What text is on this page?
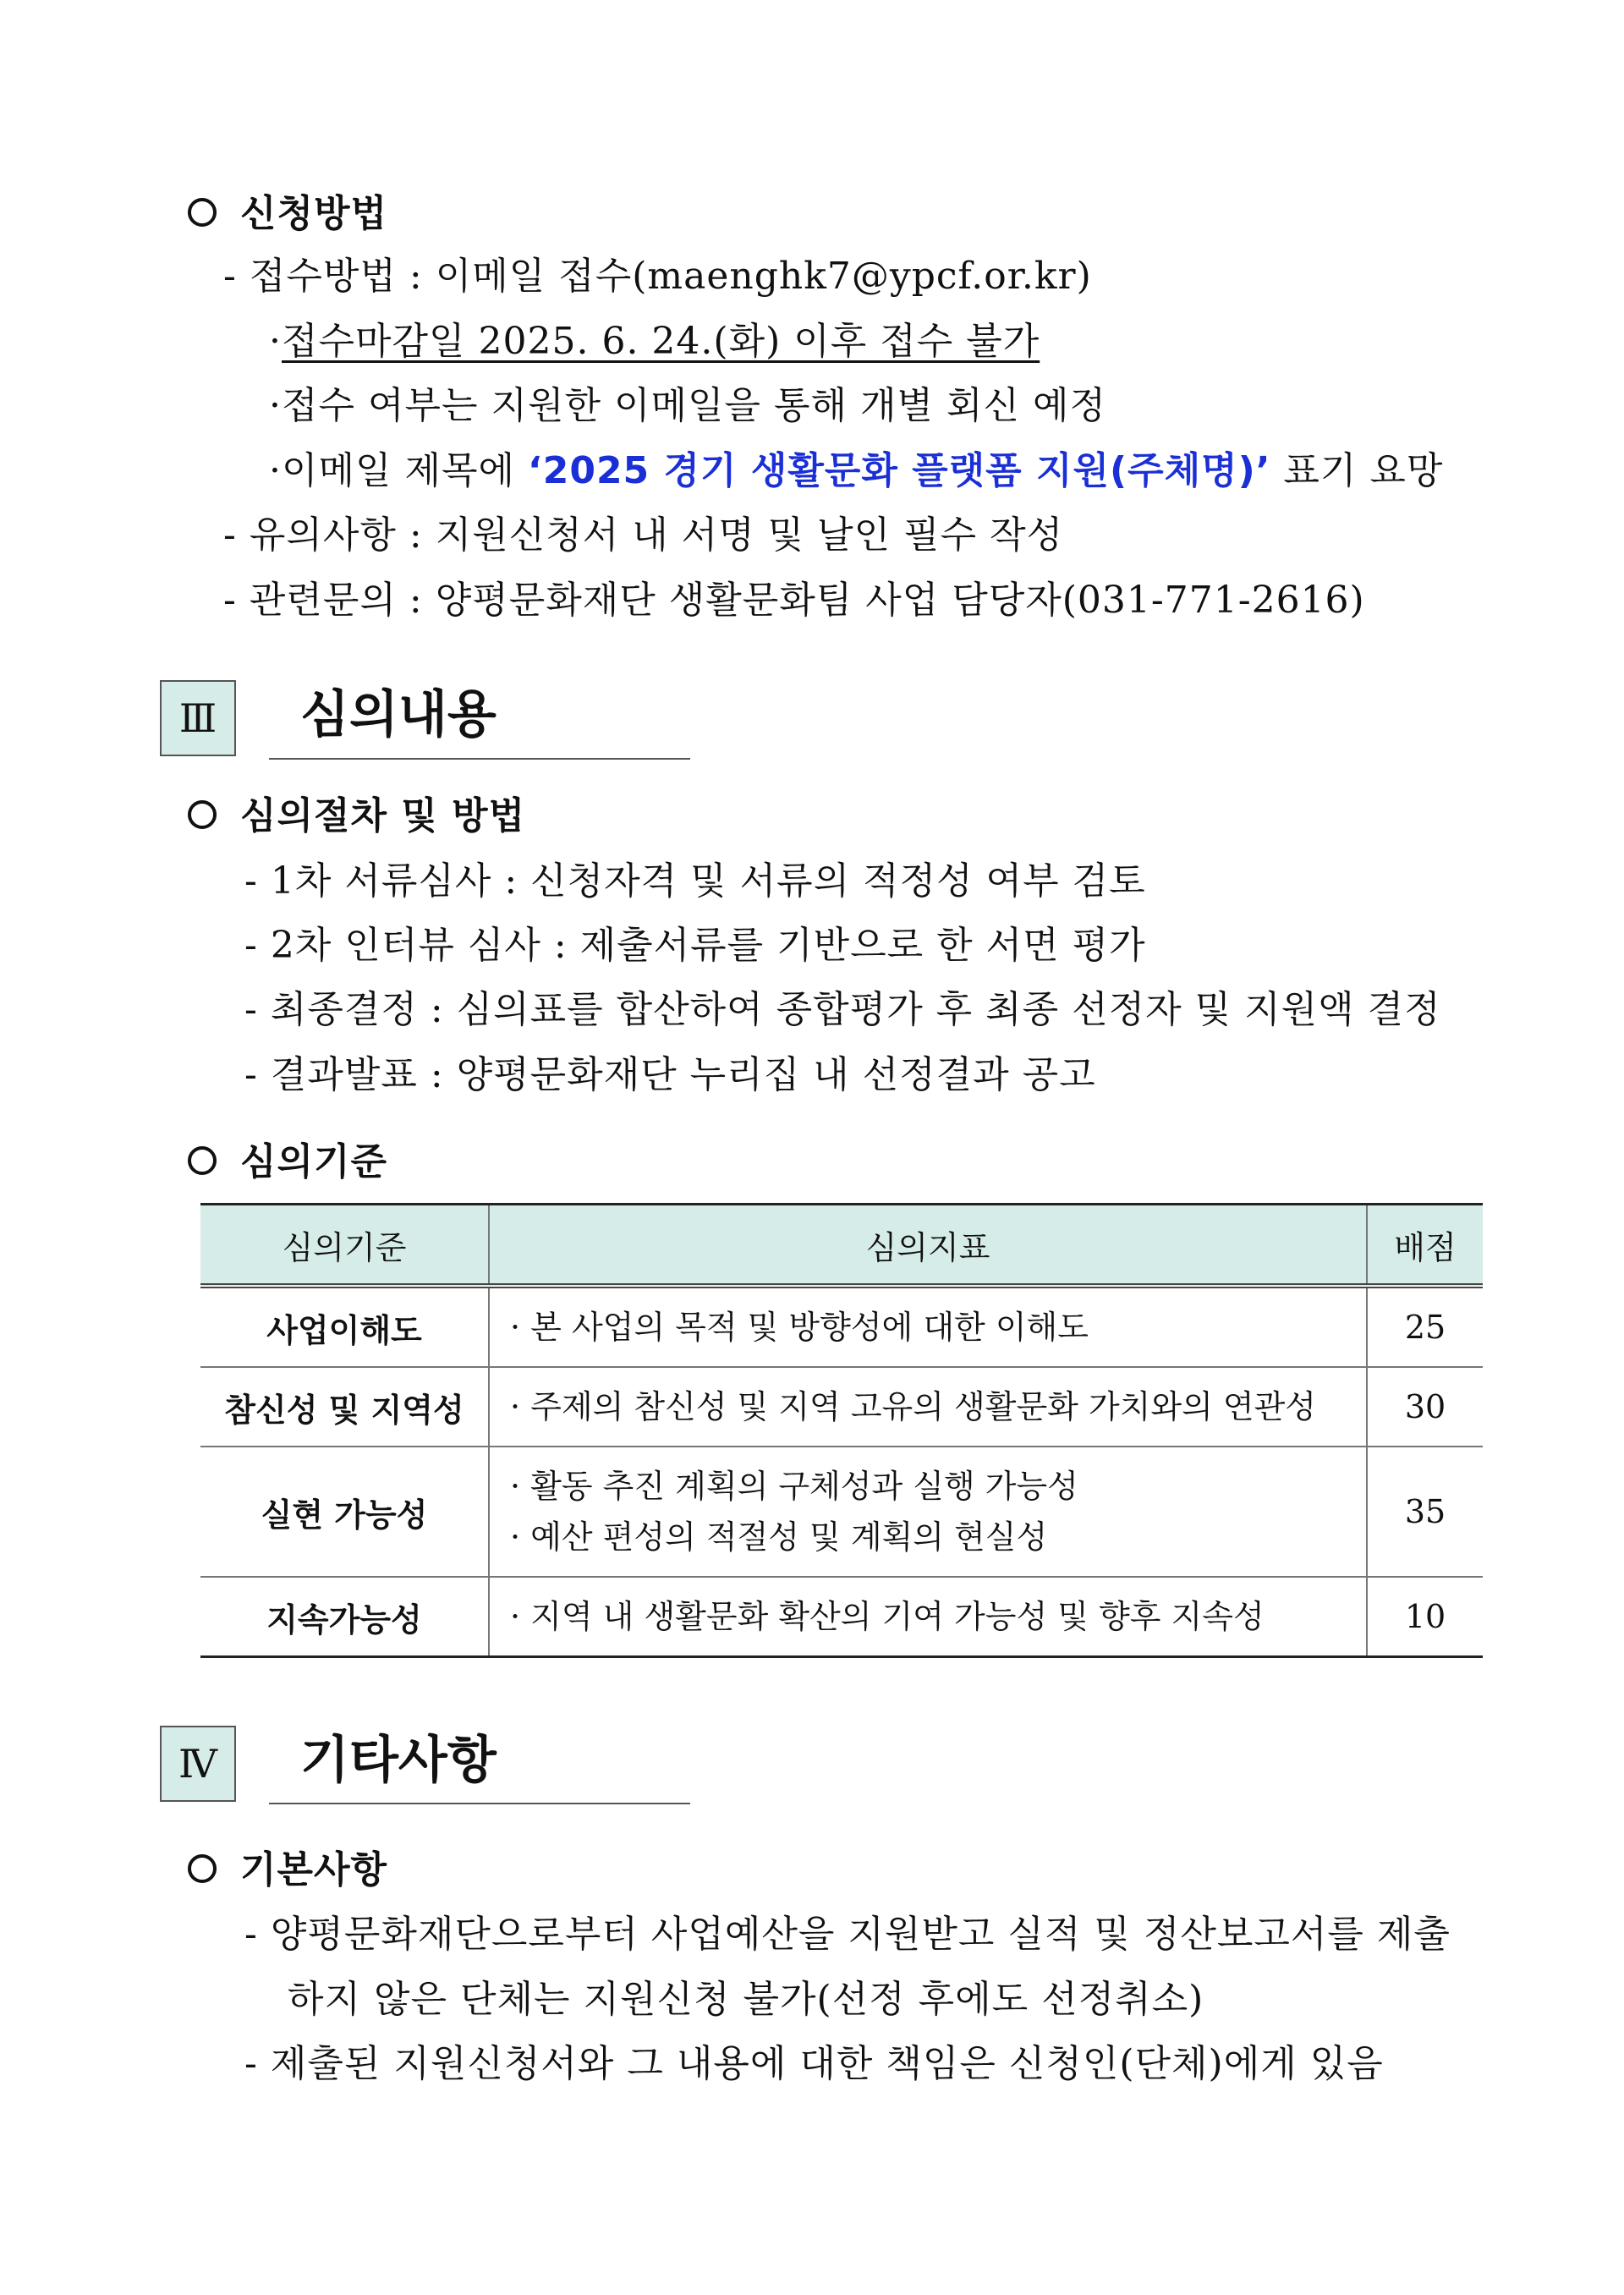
신청방법
- 접수방법 : 이메일 접수(maenghk7@ypcf.or.kr)
·접수마감일 2025. 6. 24.(화) 이후 접수 불가
·접수 여부는 지원한 이메일을 통해 개별 회신 예정
·이메일 제목에 ‘2025 경기 생활문화 플랫폼 지원(주체명)’ 표기 요망
- 유의사항 : 지원신청서 내 서명 및 날인 필수 작성
- 관련문의 : 양평문화재단 생활문화팀 사업 담당자(031-771-2616)
Ⅲ	심의내용
심의절차 및 방법
- 1차 서류심사 : 신청자격 및 서류의 적정성 여부 검토
- 2차 인터뷰 심사 : 제출서류를 기반으로 한 서면 평가
- 최종결정 : 심의표를 합산하여 종합평가 후 최종 선정자 및 지원액 결정
- 결과발표 : 양평문화재단 누리집 내 선정결과 공고
심의기준
심의기준	심의지표	배점
사업이해도	· 본 사업의 목적 및 방향성에 대한 이해도	25
참신성 및 지역성	· 주제의 참신성 및 지역 고유의 생활문화 가치와의 연관성	30
실현 가능성	· 활동 추진 계획의 구체성과 실행 가능성
· 예산 편성의 적절성 및 계획의 현실성	35
지속가능성	· 지역 내 생활문화 확산의 기여 가능성 및 향후 지속성	10
Ⅳ	기타사항
기본사항
- 양평문화재단으로부터 사업예산을 지원받고 실적 및 정산보고서를 제출
하지 않은 단체는 지원신청 불가(선정 후에도 선정취소)
- 제출된 지원신청서와 그 내용에 대한 책임은 신청인(단체)에게 있음
